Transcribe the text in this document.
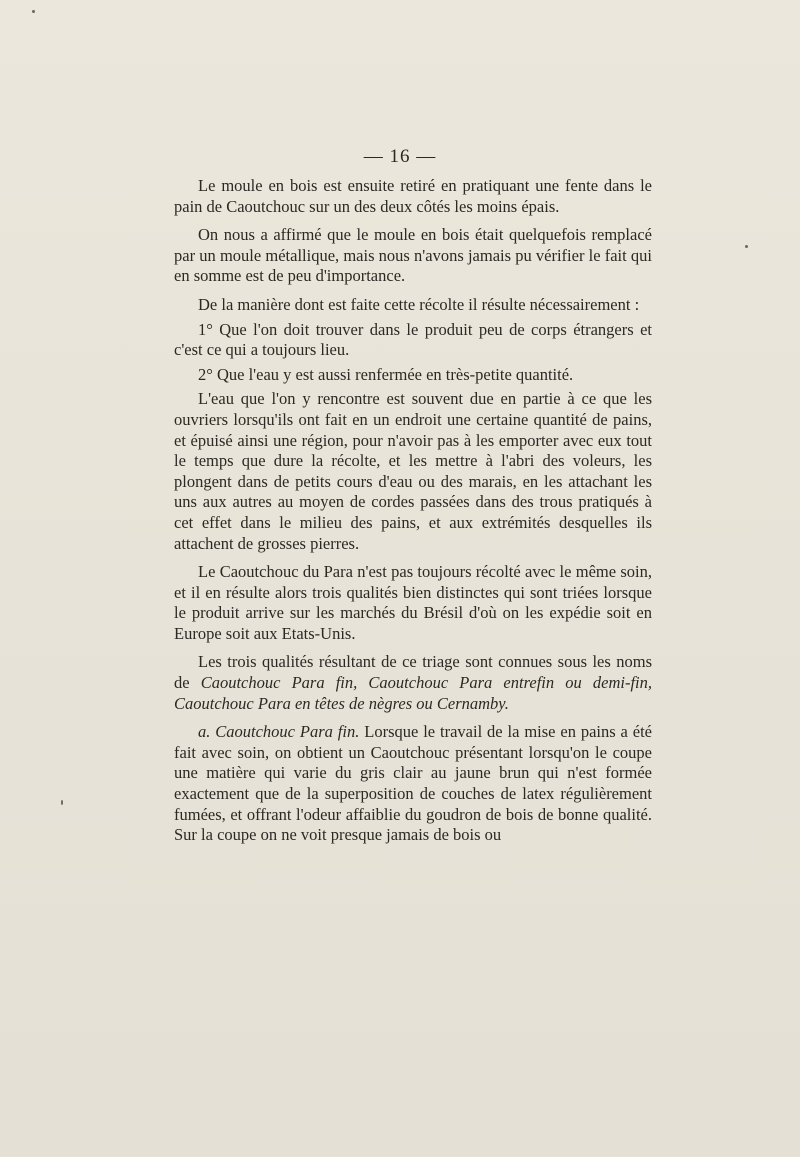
— 16 —

Le moule en bois est ensuite retiré en pratiquant une fente dans le pain de Caoutchouc sur un des deux côtés les moins épais.

On nous a affirmé que le moule en bois était quelquefois remplacé par un moule métallique, mais nous n'avons jamais pu vérifier le fait qui en somme est de peu d'importance.

De la manière dont est faite cette récolte il résulte nécessairement :

1° Que l'on doit trouver dans le produit peu de corps étrangers et c'est ce qui a toujours lieu.

2° Que l'eau y est aussi renfermée en très-petite quantité.

L'eau que l'on y rencontre est souvent due en partie à ce que les ouvriers lorsqu'ils ont fait en un endroit une certaine quantité de pains, et épuisé ainsi une région, pour n'avoir pas à les emporter avec eux tout le temps que dure la récolte, et les mettre à l'abri des voleurs, les plongent dans de petits cours d'eau ou des marais, en les attachant les uns aux autres au moyen de cordes passées dans des trous pratiqués à cet effet dans le milieu des pains, et aux extrémités desquelles ils attachent de grosses pierres.

Le Caoutchouc du Para n'est pas toujours récolté avec le même soin, et il en résulte alors trois qualités bien distinctes qui sont triées lorsque le produit arrive sur les marchés du Brésil d'où on les expédie soit en Europe soit aux Etats-Unis.

Les trois qualités résultant de ce triage sont connues sous les noms de Caoutchouc Para fin, Caoutchouc Para entrefin ou demi-fin, Caoutchouc Para en têtes de nègres ou Cernamby.

a. Caoutchouc Para fin. Lorsque le travail de la mise en pains a été fait avec soin, on obtient un Caoutchouc présentant lorsqu'on le coupe une matière qui varie du gris clair au jaune brun qui n'est formée exactement que de la superposition de couches de latex régulièrement fumées, et offrant l'odeur affaiblie du goudron de bois de bonne qualité. Sur la coupe on ne voit presque jamais de bois ou
